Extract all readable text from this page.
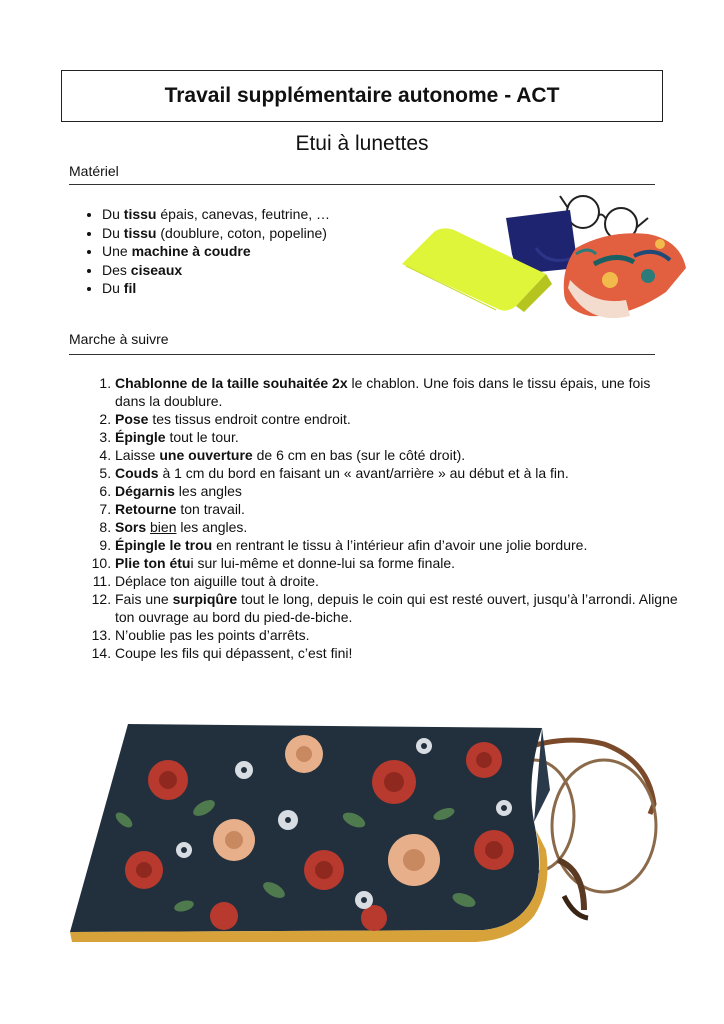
Travail supplémentaire autonome - ACT
Etui à lunettes
Matériel
• Du tissu épais, canevas, feutrine, …
• Du tissu (doublure, coton, popeline)
• Une machine à coudre
• Des ciseaux
• Du fil
Marche à suivre
1. Chablonne de la taille souhaitée 2x le chablon. Une fois dans le tissu épais, une fois dans la doublure.
2. Pose tes tissus endroit contre endroit.
3. Épingle tout le tour.
4. Laisse une ouverture de 6 cm en bas (sur le côté droit).
5. Couds à 1 cm du bord en faisant un « avant/arrière » au début et à la fin.
6. Dégarnis les angles
7. Retourne ton travail.
8. Sors bien les angles.
9. Épingle le trou en rentrant le tissu à l’intérieur afin d’avoir une jolie bordure.
10. Plie ton étui sur lui-même et donne-lui sa forme finale.
11. Déplace ton aiguille tout à droite.
12. Fais une surpiqûre tout le long, depuis le coin qui est resté ouvert, jusqu’à l’arrondi. Aligne ton ouvrage au bord du pied-de-biche.
13. N’oublie pas les points d’arrêts.
14. Coupe les fils qui dépassent, c’est fini!
